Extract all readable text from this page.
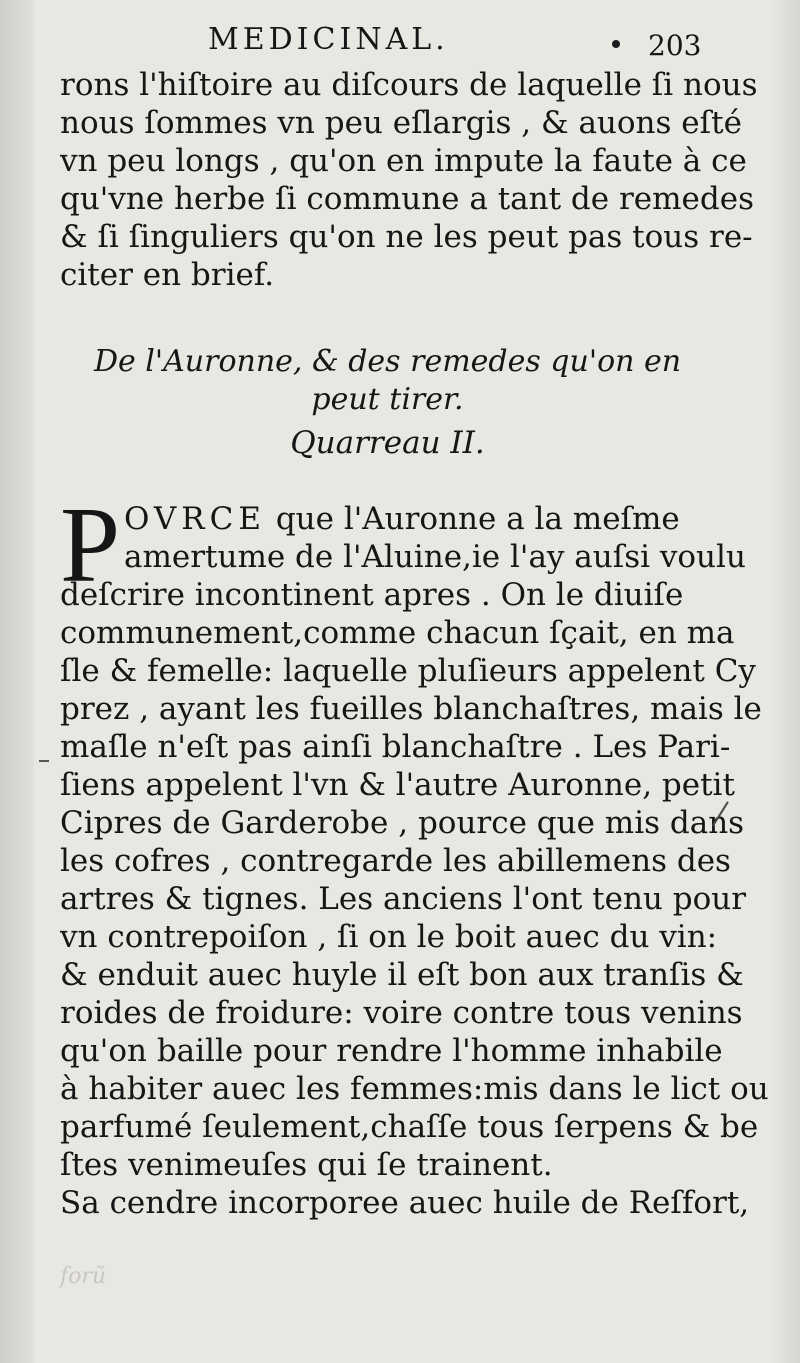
MEDICINAL.	203
rons l'hiſtoire au diſcours de laquelle ſi nous
nous ſommes vn peu eſlargis , & auons eſté
vn peu longs , qu'on en impute la faute à ce
qu'vne herbe ſi commune a tant de remedes
& ſi ſinguliers qu'on ne les peut pas tous re-
citer en brief.
De l'Auronne, & des remedes qu'on en
peut tirer.
Quarreau II.
P OVRCE que l'Auronne a la meſme
amertume de l'Aluine,ie l'ay auſsi voulu
deſcrire incontinent apres . On le diuiſe
communement,comme chacun ſçait, en ma
ſle & femelle: laquelle pluſieurs appelent Cy
prez , ayant les fueilles blanchaſtres, mais le
maſle n'eſt pas ainſi blanchaſtre . Les Pari-
ſiens appelent l'vn & l'autre Auronne, petit
Cipres de Garderobe , pource que mis dans
les cofres , contregarde les abillemens des
artres & tignes. Les anciens l'ont tenu pour
vn contrepoiſon , ſi on le boit auec du vin:
& enduit auec huyle il eſt bon aux tranſis &
roides de froidure: voire contre tous venins
qu'on baille pour rendre l'homme inhabile
à habiter auec les femmes:mis dans le lict ou
parfumé ſeulement,chaſſe tous ſerpens & be
ſtes venimeuſes qui ſe trainent.
Sa cendre incorporee auec huile de Reſfort,
forũ
